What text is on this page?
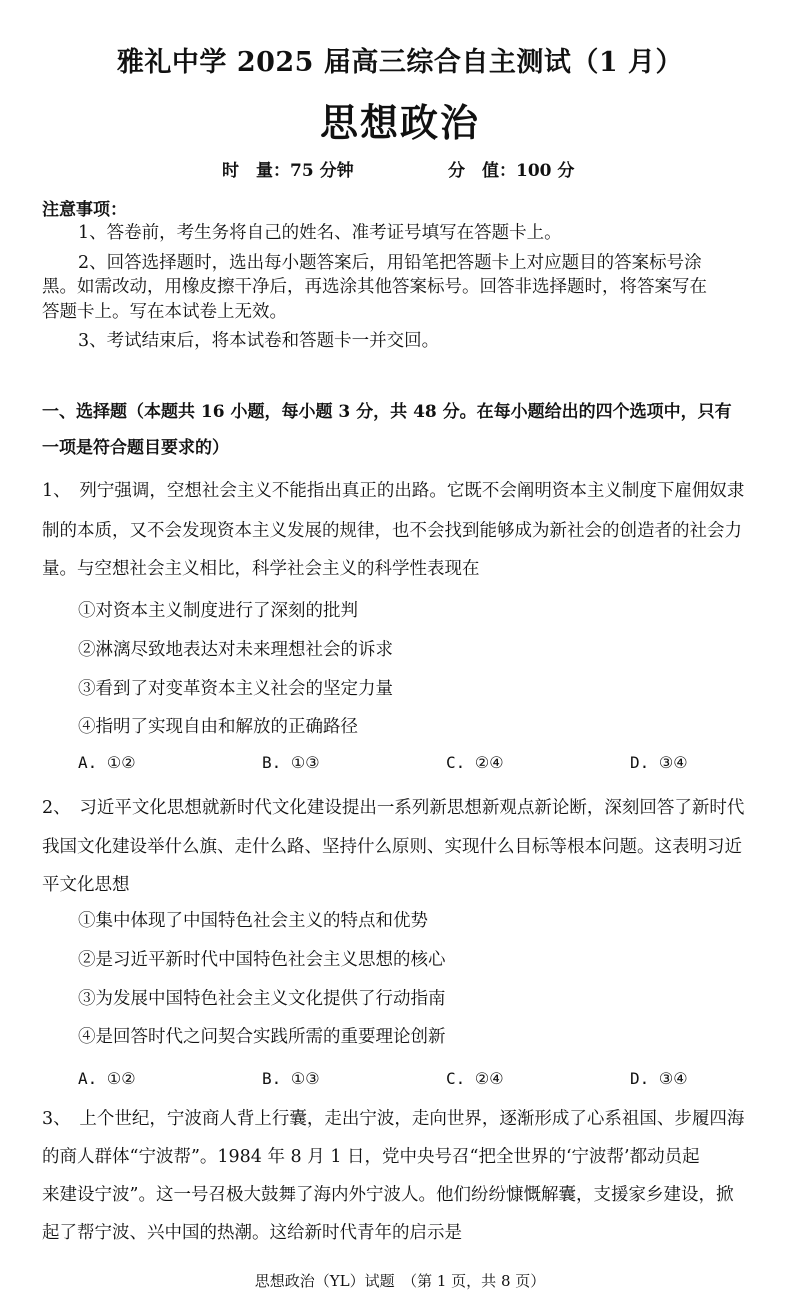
雅礼中学 2025 届高三综合自主测试（1 月）
思想政治
时　量：75 分钟	分　值：100 分
注意事项：
1、答卷前，考生务将自己的姓名、准考证号填写在答题卡上。
2、回答选择题时，选出每小题答案后，用铅笔把答题卡上对应题目的答案标号涂
黑。如需改动，用橡皮擦干净后，再选涂其他答案标号。回答非选择题时，将答案写在
答题卡上。写在本试卷上无效。
3、考试结束后，将本试卷和答题卡一并交回。
一、选择题（本题共 16 小题，每小题 3 分，共 48 分。在每小题给出的四个选项中，只有
一项是符合题目要求的）
1、　列宁强调，空想社会主义不能指出真正的出路。它既不会阐明资本主义制度下雇佣奴隶
制的本质，又不会发现资本主义发展的规律，也不会找到能够成为新社会的创造者的社会力
量。与空想社会主义相比，科学社会主义的科学性表现在
①对资本主义制度进行了深刻的批判
②淋漓尽致地表达对未来理想社会的诉求
③看到了对变革资本主义社会的坚定力量
④指明了实现自由和解放的正确路径
A. ①②	B. ①③	C. ②④	D. ③④
2、　习近平文化思想就新时代文化建设提出一系列新思想新观点新论断，深刻回答了新时代
我国文化建设举什么旗、走什么路、坚持什么原则、实现什么目标等根本问题。这表明习近
平文化思想
①集中体现了中国特色社会主义的特点和优势
②是习近平新时代中国特色社会主义思想的核心
③为发展中国特色社会主义文化提供了行动指南
④是回答时代之问契合实践所需的重要理论创新
A. ①②	B. ①③	C. ②④	D. ③④
3、　上个世纪，宁波商人背上行囊，走出宁波，走向世界，逐渐形成了心系祖国、步履四海
的商人群体“宁波帮”。1984 年 8 月 1 日，党中央号召“把全世界的‘宁波帮’都动员起
来建设宁波”。这一号召极大鼓舞了海内外宁波人。他们纷纷慷慨解囊，支援家乡建设，掀
起了帮宁波、兴中国的热潮。这给新时代青年的启示是
思想政治（YL）试题　（第 1 页，共 8 页）
